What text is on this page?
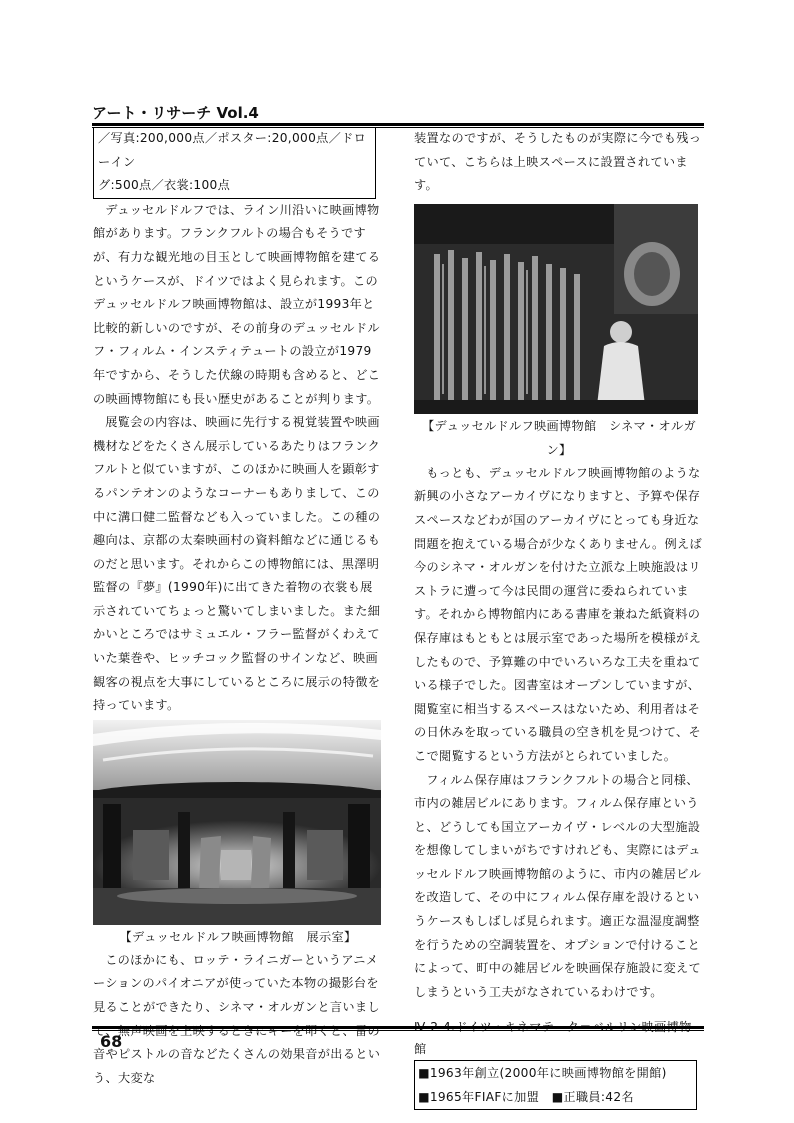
アート・リサーチ Vol.4
／写真:200,000点／ポスター:20,000点／ドローイン
グ:500点／衣裳:100点

デュッセルドルフでは、ライン川沿いに映画博物館があります。フランクフルトの場合もそうですが、有力な観光地の目玉として映画博物館を建てるというケースが、ドイツではよく見られます。このデュッセルドルフ映画博物館は、設立が1993年と比較的新しいのですが、その前身のデュッセルドルフ・フィルム・インスティテュートの設立が1979年ですから、そうした伏線の時期も含めると、どこの映画博物館にも長い歴史があることが判ります。

展覧会の内容は、映画に先行する視覚装置や映画機材などをたくさん展示しているあたりはフランクフルトと似ていますが、このほかに映画人を顕彰するパンテオンのようなコーナーもありまして、この中に溝口健二監督なども入っていました。この種の趣向は、京都の太秦映画村の資料館などに通じるものだと思います。それからこの博物館には、黒澤明監督の『夢』(1990年)に出てきた着物の衣裳も展示されていてちょっと驚いてしまいました。また細かいところではサミュエル・フラー監督がくわえていた葉巻や、ヒッチコック監督のサインなど、映画観客の視点を大事にしているところに展示の特徴を持っています。

【デュッセルドルフ映画博物館　展示室】

このほかにも、ロッテ・ライニガーというアニメーションのパイオニアが使っていた本物の撮影台を見ることができたり、シネマ・オルガンと言いまして、無声映画を上映するときにキーを叩くと、雷の音やピストルの音などたくさんの効果音が出るという、大変な

装置なのですが、そうしたものが実際に今でも残っていて、こちらは上映スペースに設置されています。

【デュッセルドルフ映画博物館　シネマ・オルガン】

もっとも、デュッセルドルフ映画博物館のような新興の小さなアーカイヴになりますと、予算や保存スペースなどわが国のアーカイヴにとっても身近な問題を抱えている場合が少なくありません。例えば今のシネマ・オルガンを付けた立派な上映施設はリストラに遭って今は民間の運営に委ねられています。それから博物館内にある書庫を兼ねた紙資料の保存庫はもともとは展示室であった場所を模様がえしたもので、予算難の中でいろいろな工夫を重ねている様子でした。図書室はオープンしていますが、閲覧室に相当するスペースはないため、利用者はその日休みを取っている職員の空き机を見つけて、そこで閲覧するという方法がとられていました。

フィルム保存庫はフランクフルトの場合と同様、市内の雑居ビルにあります。フィルム保存庫というと、どうしても国立アーカイヴ・レベルの大型施設を想像してしまいがちですけれども、実際にはデュッセルドルフ映画博物館のように、市内の雑居ビルを改造して、その中にフィルム保存庫を設けるというケースもしばしば見られます。適正な温湿度調整を行うための空調装置を、オプションで付けることによって、町中の雑居ビルを映画保存施設に変えてしまうという工夫がなされているわけです。

Ⅳ-2-4.ドイツ・キネマテーク＝ベルリン映画博物館
■1963年創立(2000年に映画博物館を開館)
■1965年FIAFに加盟　■正職員:42名
68
